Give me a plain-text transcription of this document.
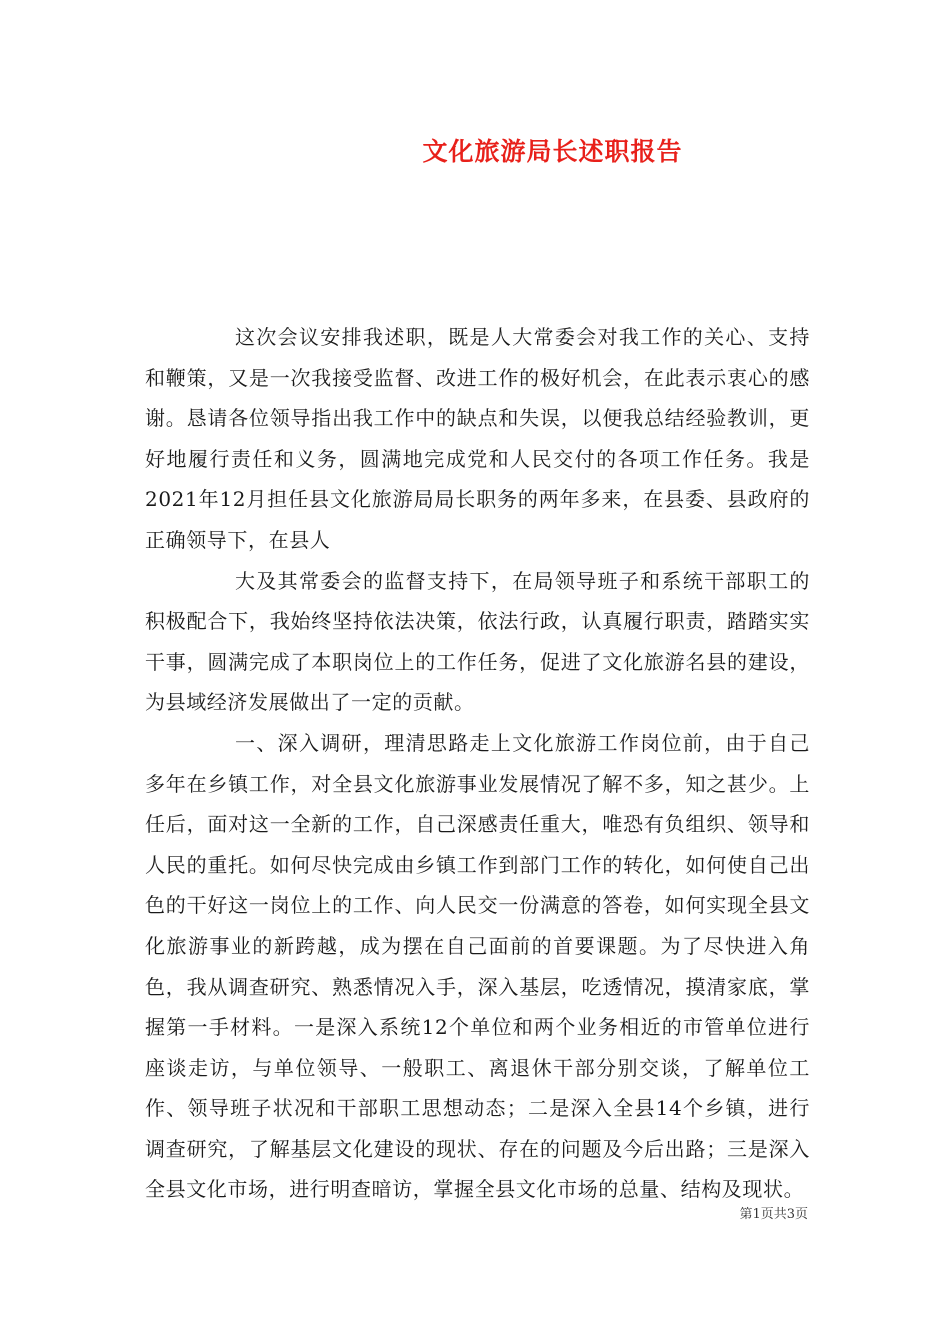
文化旅游局长述职报告

这次会议安排我述职，既是人大常委会对我工作的关心、支持和鞭策，又是一次我接受监督、改进工作的极好机会，在此表示衷心的感谢。恳请各位领导指出我工作中的缺点和失误，以便我总结经验教训，更好地履行责任和义务，圆满地完成党和人民交付的各项工作任务。我是2021年12月担任县文化旅游局局长职务的两年多来，在县委、县政府的正确领导下，在县人

大及其常委会的监督支持下，在局领导班子和系统干部职工的积极配合下，我始终坚持依法决策，依法行政，认真履行职责，踏踏实实干事，圆满完成了本职岗位上的工作任务，促进了文化旅游名县的建设，为县域经济发展做出了一定的贡献。

一、深入调研，理清思路走上文化旅游工作岗位前，由于自己多年在乡镇工作，对全县文化旅游事业发展情况了解不多，知之甚少。上任后，面对这一全新的工作，自己深感责任重大，唯恐有负组织、领导和人民的重托。如何尽快完成由乡镇工作到部门工作的转化，如何使自己出色的干好这一岗位上的工作、向人民交一份满意的答卷，如何实现全县文化旅游事业的新跨越，成为摆在自己面前的首要课题。为了尽快进入角色，我从调查研究、熟悉情况入手，深入基层，吃透情况，摸清家底，掌握第一手材料。一是深入系统12个单位和两个业务相近的市管单位进行座谈走访，与单位领导、一般职工、离退休干部分别交谈，了解单位工作、领导班子状况和干部职工思想动态；二是深入全县14个乡镇，进行调查研究，了解基层文化建设的现状、存在的问题及今后出路；三是深入全县文化市场，进行明查暗访，掌握全县文化市场的总量、结构及现状。

第1页共3页
